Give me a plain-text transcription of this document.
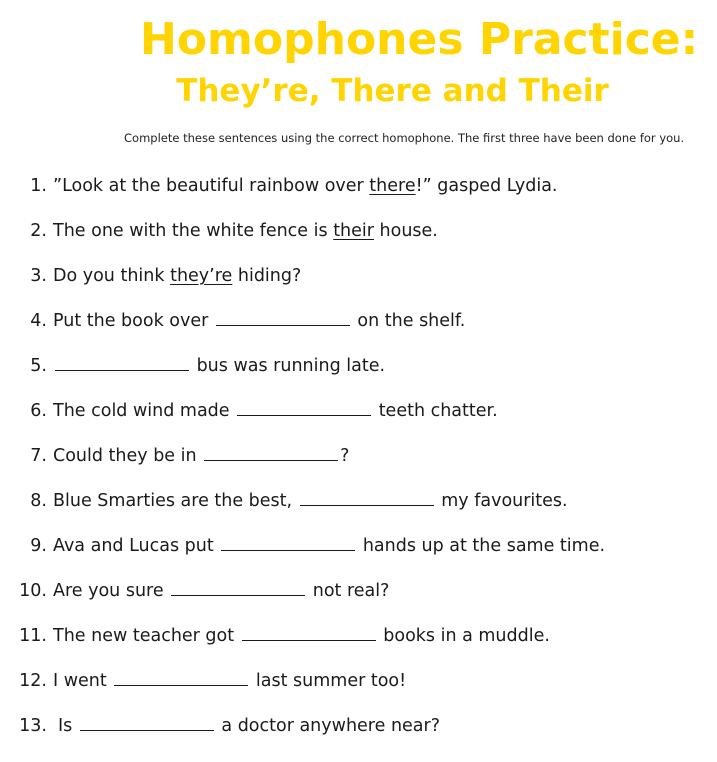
Homophones Practice:
They’re, There and Their
Complete these sentences using the correct homophone. The first three have been done for you.
1. ”Look at the beautiful rainbow over there!” gasped Lydia.
2. The one with the white fence is their house.
3. Do you think they’re hiding?
4. Put the book over	on the shelf.
5.	bus was running late.
6. The cold wind made	teeth chatter.
7. Could they be in	?
8. Blue Smarties are the best,	my favourites.
9. Ava and Lucas put	hands up at the same time.
10. Are you sure	not real?
11. The new teacher got	books in a muddle.
12. I went	last summer too!
13. Is	a doctor anywhere near?
